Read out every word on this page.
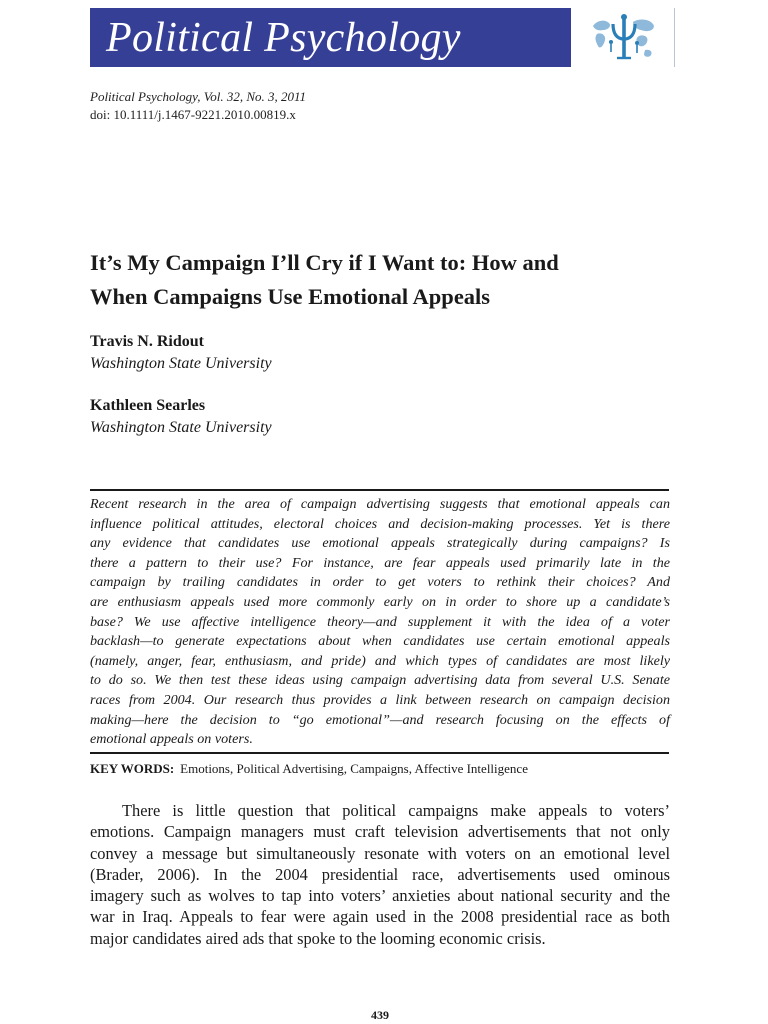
Political Psychology
Political Psychology, Vol. 32, No. 3, 2011
doi: 10.1111/j.1467-9221.2010.00819.x
It’s My Campaign I’ll Cry if I Want to: How and
When Campaigns Use Emotional Appeals
Travis N. Ridout
Washington State University
Kathleen Searles
Washington State University
Recent research in the area of campaign advertising suggests that emotional appeals can
influence political attitudes, electoral choices and decision-making processes. Yet is there
any evidence that candidates use emotional appeals strategically during campaigns? Is
there a pattern to their use? For instance, are fear appeals used primarily late in the
campaign by trailing candidates in order to get voters to rethink their choices? And
are enthusiasm appeals used more commonly early on in order to shore up a candidate’s
base? We use affective intelligence theory—and supplement it with the idea of a voter
backlash—to generate expectations about when candidates use certain emotional appeals
(namely, anger, fear, enthusiasm, and pride) and which types of candidates are most likely
to do so. We then test these ideas using campaign advertising data from several U.S. Senate
races from 2004. Our research thus provides a link between research on campaign decision
making—here the decision to “go emotional”—and research focusing on the effects of
emotional appeals on voters.
KEY WORDS: Emotions, Political Advertising, Campaigns, Affective Intelligence
There is little question that political campaigns make appeals to voters’
emotions. Campaign managers must craft television advertisements that not only
convey a message but simultaneously resonate with voters on an emotional level
(Brader, 2006). In the 2004 presidential race, advertisements used ominous
imagery such as wolves to tap into voters’ anxieties about national security and the
war in Iraq. Appeals to fear were again used in the 2008 presidential race as both
major candidates aired ads that spoke to the looming economic crisis.
439
